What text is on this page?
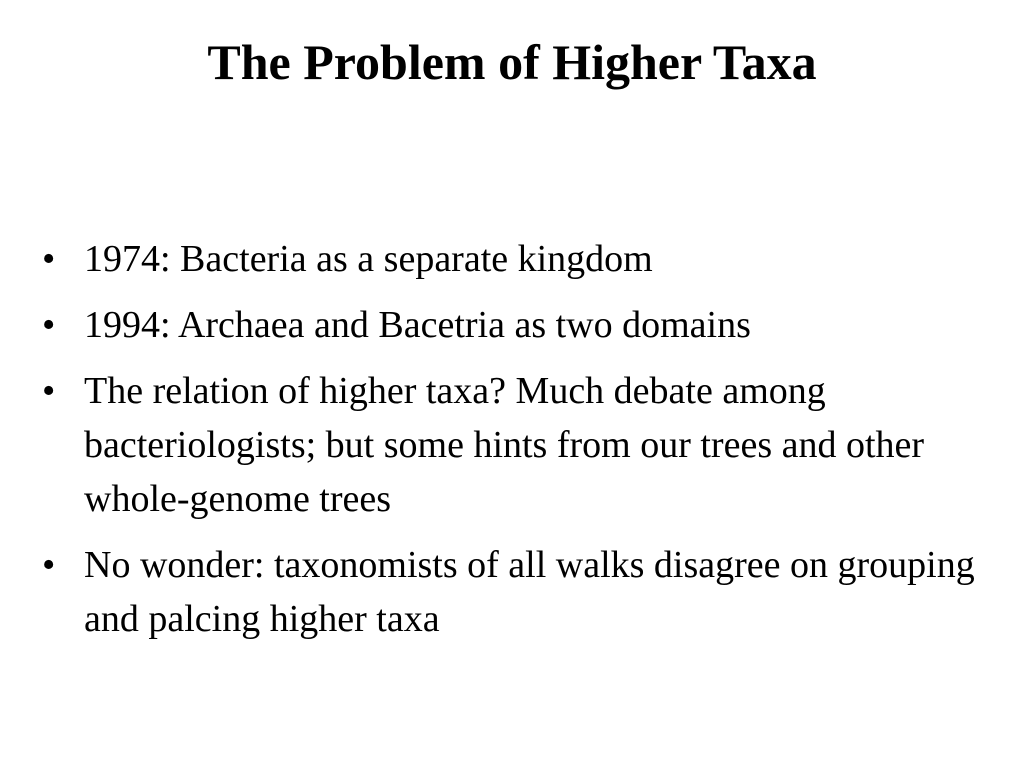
The Problem of Higher Taxa
• 1974: Bacteria as a separate kingdom
• 1994: Archaea and Bacetria as two domains
• The relation of higher taxa? Much debate among bacteriologists; but some hints from our trees and other whole-genome trees
• No wonder: taxonomists of all walks disagree on grouping and palcing higher taxa
